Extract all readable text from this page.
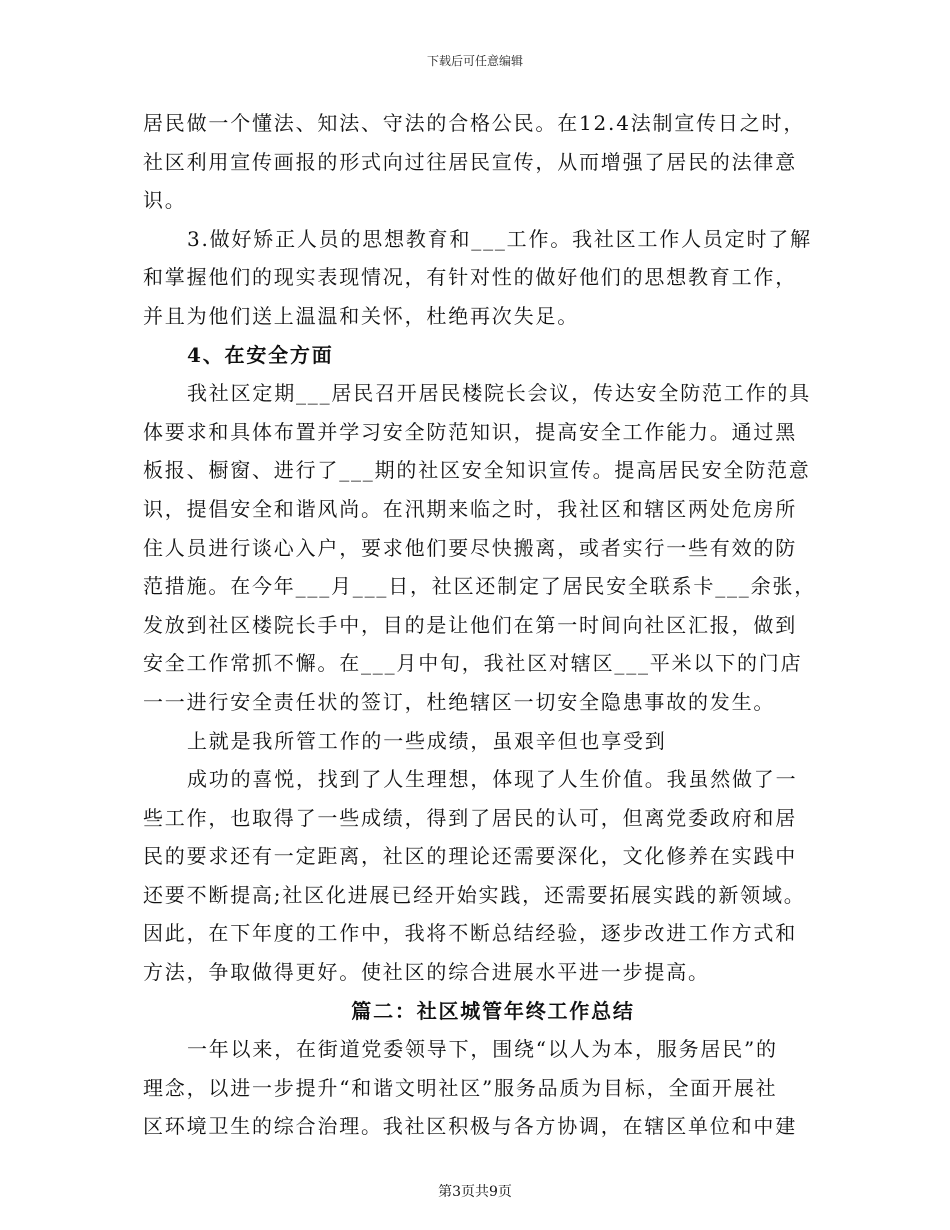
下载后可任意编辑
居民做一个懂法、知法、守法的合格公民。在12.4法制宣传日之时，
社区利用宣传画报的形式向过往居民宣传，从而增强了居民的法律意
识。
3.做好矫正人员的思想教育和___工作。我社区工作人员定时了解
和掌握他们的现实表现情况，有针对性的做好他们的思想教育工作，
并且为他们送上温温和关怀，杜绝再次失足。
4、在安全方面
我社区定期___居民召开居民楼院长会议，传达安全防范工作的具
体要求和具体布置并学习安全防范知识，提高安全工作能力。通过黑
板报、橱窗、进行了___期的社区安全知识宣传。提高居民安全防范意
识，提倡安全和谐风尚。在汛期来临之时，我社区和辖区两处危房所
住人员进行谈心入户，要求他们要尽快搬离，或者实行一些有效的防
范措施。在今年___月___日，社区还制定了居民安全联系卡___余张，
发放到社区楼院长手中，目的是让他们在第一时间向社区汇报，做到
安全工作常抓不懈。在___月中旬，我社区对辖区___平米以下的门店
一一进行安全责任状的签订，杜绝辖区一切安全隐患事故的发生。
上就是我所管工作的一些成绩，虽艰辛但也享受到
成功的喜悦，找到了人生理想，体现了人生价值。我虽然做了一
些工作，也取得了一些成绩，得到了居民的认可，但离党委政府和居
民的要求还有一定距离，社区的理论还需要深化，文化修养在实践中
还要不断提高;社区化进展已经开始实践，还需要拓展实践的新领域。
因此，在下年度的工作中，我将不断总结经验，逐步改进工作方式和
方法，争取做得更好。使社区的综合进展水平进一步提高。
篇二：社区城管年终工作总结
一年以来，在街道党委领导下，围绕“以人为本，服务居民”的
理念，以进一步提升“和谐文明社区”服务品质为目标，全面开展社
区环境卫生的综合治理。我社区积极与各方协调，在辖区单位和中建
第3页共9页
